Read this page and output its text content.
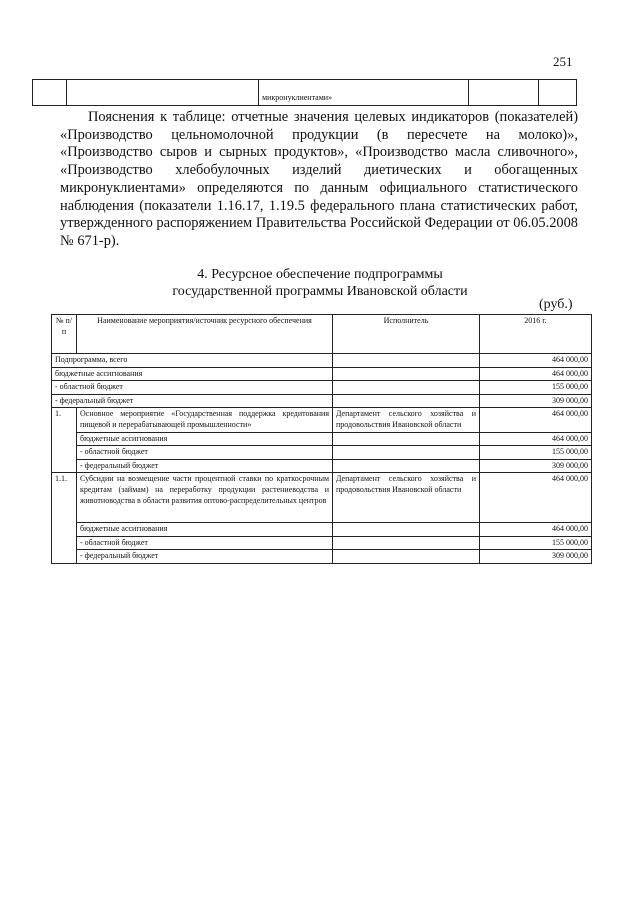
251
		микронуклиентами»		

Пояснения к таблице: отчетные значения целевых индикаторов (показателей) «Производство цельномолочной продукции (в пересчете на молоко)», «Производство сыров и сырных продуктов», «Производство масла сливочного», «Производство хлебобулочных изделий диетических и обогащенных микронуклиентами» определяются по данным официального статистического наблюдения (показатели 1.16.17, 1.19.5 федерального плана статистических работ, утвержденного распоряжением Правительства Российской Федерации от 06.05.2008 № 671-р).

4. Ресурсное обеспечение подпрограммы
государственной программы Ивановской области
(руб.)
№ п/п	Наименование мероприятия/источник ресурсного обеспечения	Исполнитель	2016 г.
Подпрограмма, всего			464 000,00
бюджетные ассигнования			464 000,00
- областной бюджет			155 000,00
- федеральный бюджет			309 000,00
1.	Основное мероприятие «Государственная поддержка кредитования пищевой и перерабатывающей промышленности»	Департамент сельского хозяйства и продовольствия Ивановской области	464 000,00
	бюджетные ассигнования		464 000,00
	- областной бюджет		155 000,00
	- федеральный бюджет		309 000,00
1.1.	Субсидии на возмещение части процентной ставки по краткосрочным кредитам (займам) на переработку продукции растениеводства и животноводства в области развития оптово-распределительных центров	Департамент сельского хозяйства и продовольствия Ивановской области	464 000,00
	бюджетные ассигнования		464 000,00
	- областной бюджет		155 000,00
	- федеральный бюджет		309 000,00
